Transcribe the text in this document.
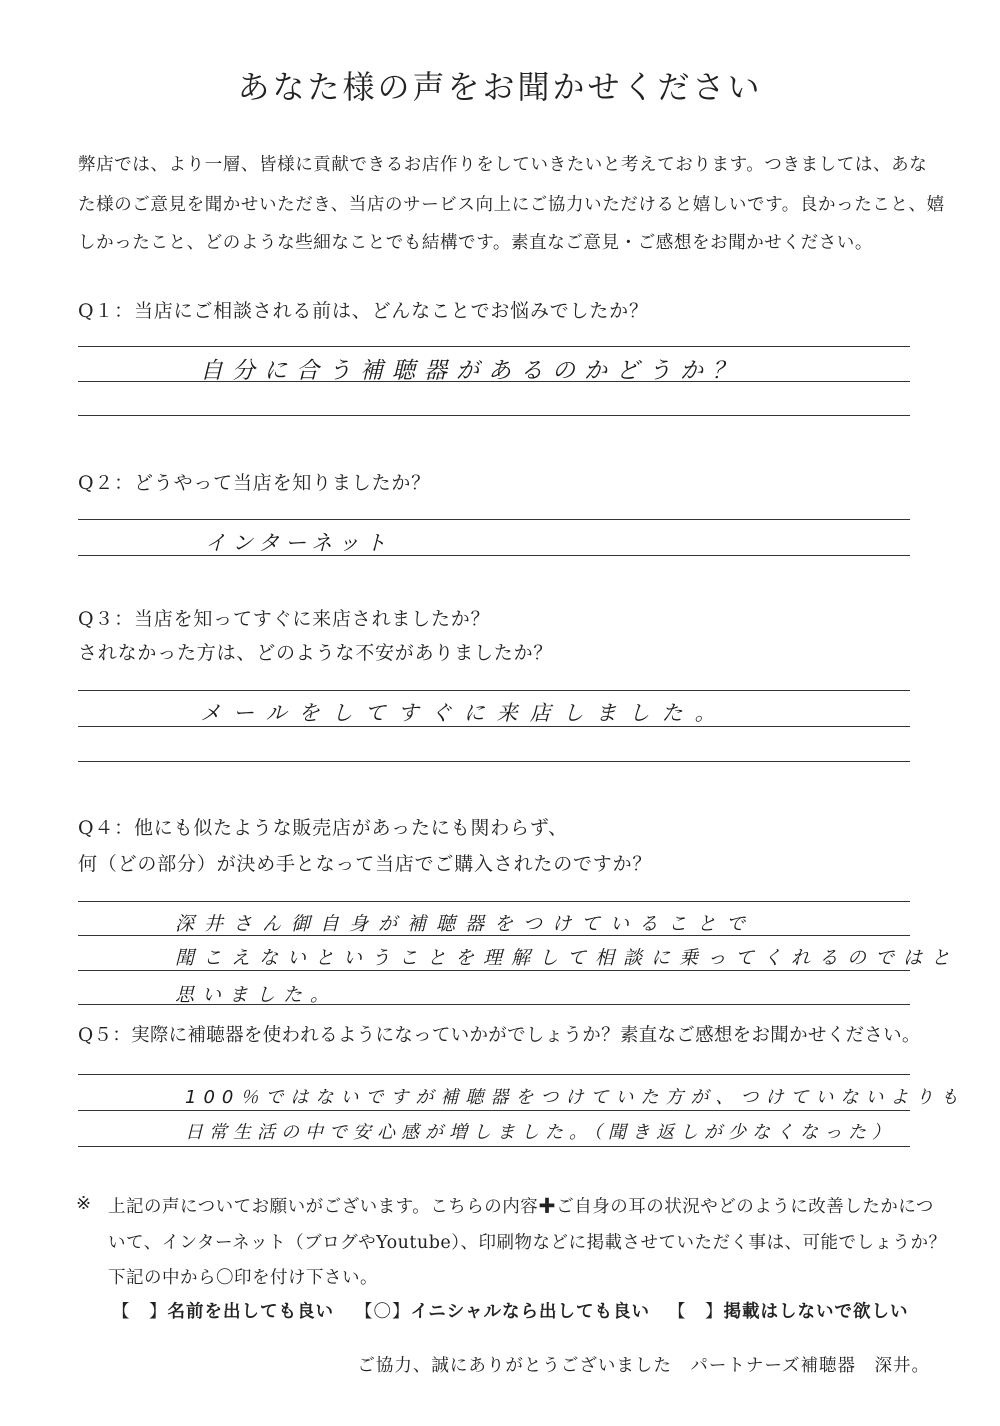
あなた様の声をお聞かせください
弊店では、より一層、皆様に貢献できるお店作りをしていきたいと考えております。つきましては、あな
た様のご意見を聞かせいただき、当店のサービス向上にご協力いただけると嬉しいです。良かったこと、嬉
しかったこと、どのような些細なことでも結構です。素直なご意見・ご感想をお聞かせください。
Q１：当店にご相談される前は、どんなことでお悩みでしたか？
自分に合う補聴器があるのかどうか？
Q２：どうやって当店を知りましたか？
インターネット
Q３：当店を知ってすぐに来店されましたか？
されなかった方は、どのような不安がありましたか？
メールをしてすぐに来店しました。
Q４：他にも似たような販売店があったにも関わらず、
何（どの部分）が決め手となって当店でご購入されたのですか？
深井さん御自身が補聴器をつけていることで
聞こえないということを理解して相談に乗ってくれるのではと
思いました。
Q５：実際に補聴器を使われるようになっていかがでしょうか？素直なご感想をお聞かせください。
100％ではないですが補聴器をつけていた方が、つけていないよりも
日常生活の中で安心感が増しました。（聞き返しが少なくなった）
※ 上記の声についてお願いがございます。こちらの内容✚ご自身の耳の状況やどのように改善したかにつ
いて、インターネット（ブログやYoutube）、印刷物などに掲載させていただく事は、可能でしょうか？
下記の中から〇印を付け下さい。
【　】名前を出しても良い 【〇】イニシャルなら出しても良い 【　】掲載はしないで欲しい
ご協力、誠にありがとうございました　パートナーズ補聴器　深井。
